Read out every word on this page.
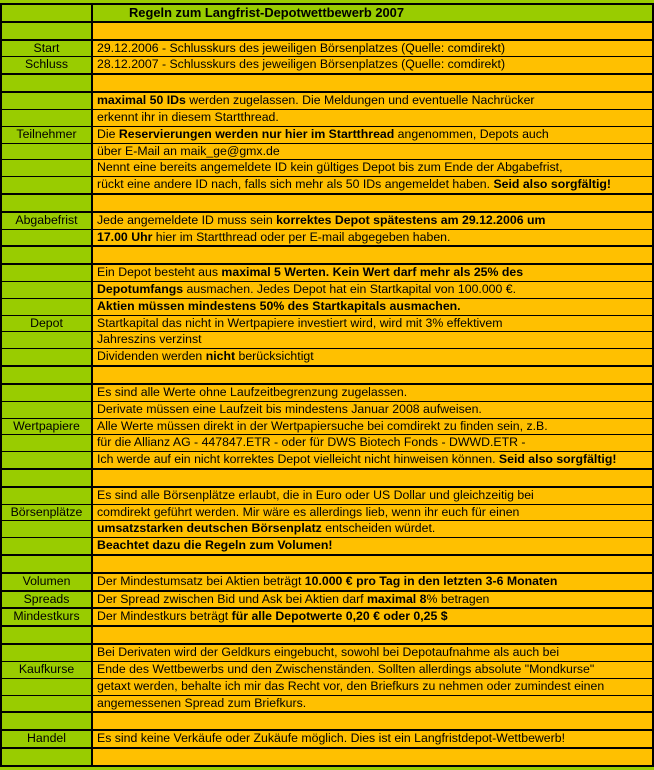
Regeln zum Langfrist-Depotwettbewerb 2007
Start	29.12.2006 - Schlusskurs des jeweiligen Börsenplatzes (Quelle: comdirekt)
Schluss	28.12.2007 - Schlusskurs des jeweiligen Börsenplatzes (Quelle: comdirekt)
maximal 50 IDs werden zugelassen. Die Meldungen und eventuelle Nachrücker
erkennt ihr in diesem Startthread.
Teilnehmer	Die Reservierungen werden nur hier im Startthread angenommen, Depots auch
über E-Mail an maik_ge@gmx.de
Nennt eine bereits angemeldete ID kein gültiges Depot bis zum Ende der Abgabefrist,
rückt eine andere ID nach, falls sich mehr als 50 IDs angemeldet haben. Seid also sorgfältig!
Abgabefrist	Jede angemeldete ID muss sein korrektes Depot spätestens am 29.12.2006 um
17.00 Uhr hier im Startthread oder per E-mail abgegeben haben.
Ein Depot besteht aus maximal 5 Werten. Kein Wert darf mehr als 25% des
Depotumfangs ausmachen. Jedes Depot hat ein Startkapital von 100.000 €.
Aktien müssen mindestens 50% des Startkapitals ausmachen.
Depot	Startkapital das nicht in Wertpapiere investiert wird, wird mit 3% effektivem
Jahreszins verzinst
Dividenden werden nicht berücksichtigt
Es sind alle Werte ohne Laufzeitbegrenzung zugelassen.
Derivate müssen eine Laufzeit bis mindestens Januar 2008 aufweisen.
Wertpapiere	Alle Werte müssen direkt in der Wertpapiersuche bei comdirekt zu finden sein, z.B.
für die Allianz AG - 447847.ETR - oder für DWS Biotech Fonds - DWWD.ETR -
Ich werde auf ein nicht korrektes Depot vielleicht nicht hinweisen können. Seid also sorgfältig!
Es sind alle Börsenplätze erlaubt, die in Euro oder US Dollar und gleichzeitig bei
Börsenplätze	comdirekt geführt werden. Mir wäre es allerdings lieb, wenn ihr euch für einen
umsatzstarken deutschen Börsenplatz entscheiden würdet.
Beachtet dazu die Regeln zum Volumen!
Volumen	Der Mindestumsatz bei Aktien beträgt 10.000 € pro Tag in den letzten 3-6 Monaten
Spreads	Der Spread zwischen Bid und Ask bei Aktien darf maximal 8% betragen
Mindestkurs	Der Mindestkurs beträgt für alle Depotwerte 0,20 € oder 0,25 $
Bei Derivaten wird der Geldkurs eingebucht, sowohl bei Depotaufnahme als auch bei
Kaufkurse	Ende des Wettbewerbs und den Zwischenständen. Sollten allerdings absolute "Mondkurse"
getaxt werden, behalte ich mir das Recht vor, den Briefkurs zu nehmen oder zumindest einen
angemessenen Spread zum Briefkurs.
Handel	Es sind keine Verkäufe oder Zukäufe möglich. Dies ist ein Langfristdepot-Wettbewerb!
